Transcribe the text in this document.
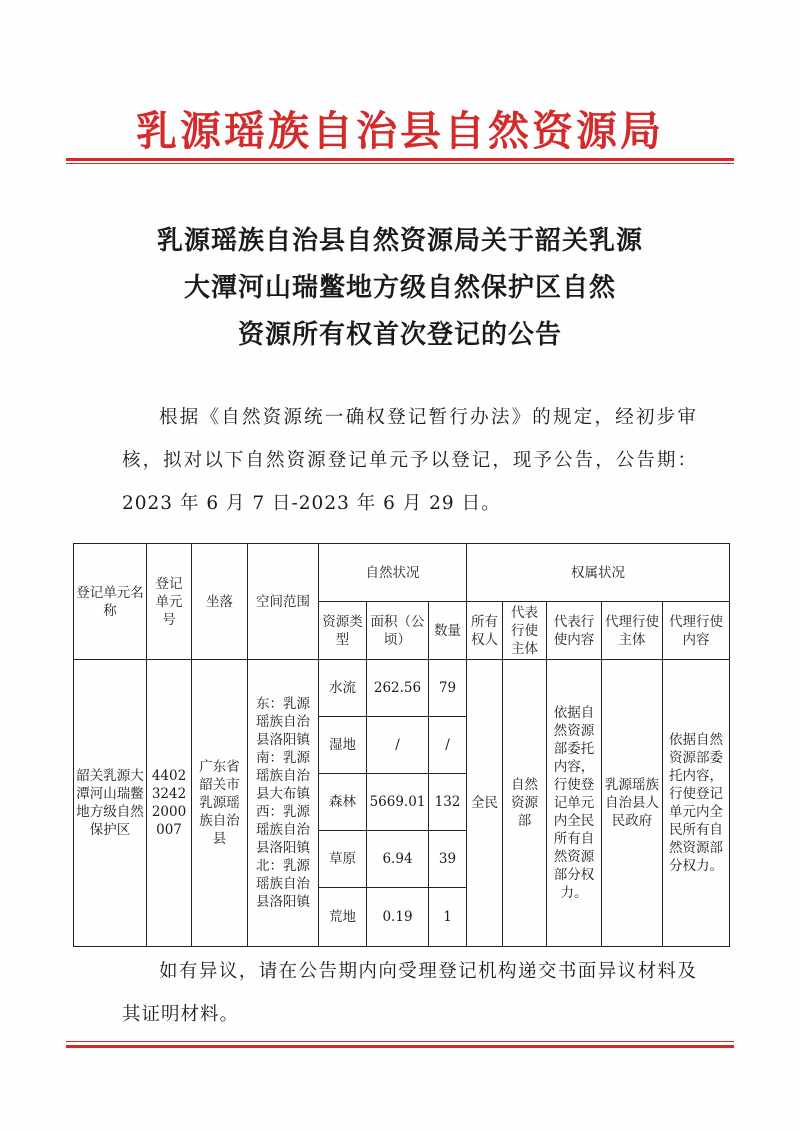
乳源瑶族自治县自然资源局
乳源瑶族自治县自然资源局关于韶关乳源
大潭河山瑞鳖地方级自然保护区自然
资源所有权首次登记的公告
根据《自然资源统一确权登记暂行办法》的规定，经初步审核，拟对以下自然资源登记单元予以登记，现予公告，公告期：2023 年 6 月 7 日-2023 年 6 月 29 日。
登记单元名称	登记单元号	坐落	空间范围	自然状况			权属状况				
				资源类型	面积（公顷）	数量	所有权人	代表行使主体	代表行使内容	代理行使主体	代理行使内容
韶关乳源大潭河山瑞鳖地方级自然保护区	440232422000007	广东省韶关市乳源瑶族自治县	东：乳源瑶族自治县洛阳镇南：乳源瑶族自治县大布镇西：乳源瑶族自治县洛阳镇北：乳源瑶族自治县洛阳镇	水流	262.56	79	全民	自然资源部	依据自然资源部委托内容，行使登记单元内全民所有自然资源部分权力。	乳源瑶族自治县人民政府	依据自然资源部委托内容，行使登记单元内全民所有自然资源部分权力。
				湿地	/	/					
				森林	5669.01	132					
				草原	6.94	39					
				荒地	0.19	1					
如有异议，请在公告期内向受理登记机构递交书面异议材料及其证明材料。
